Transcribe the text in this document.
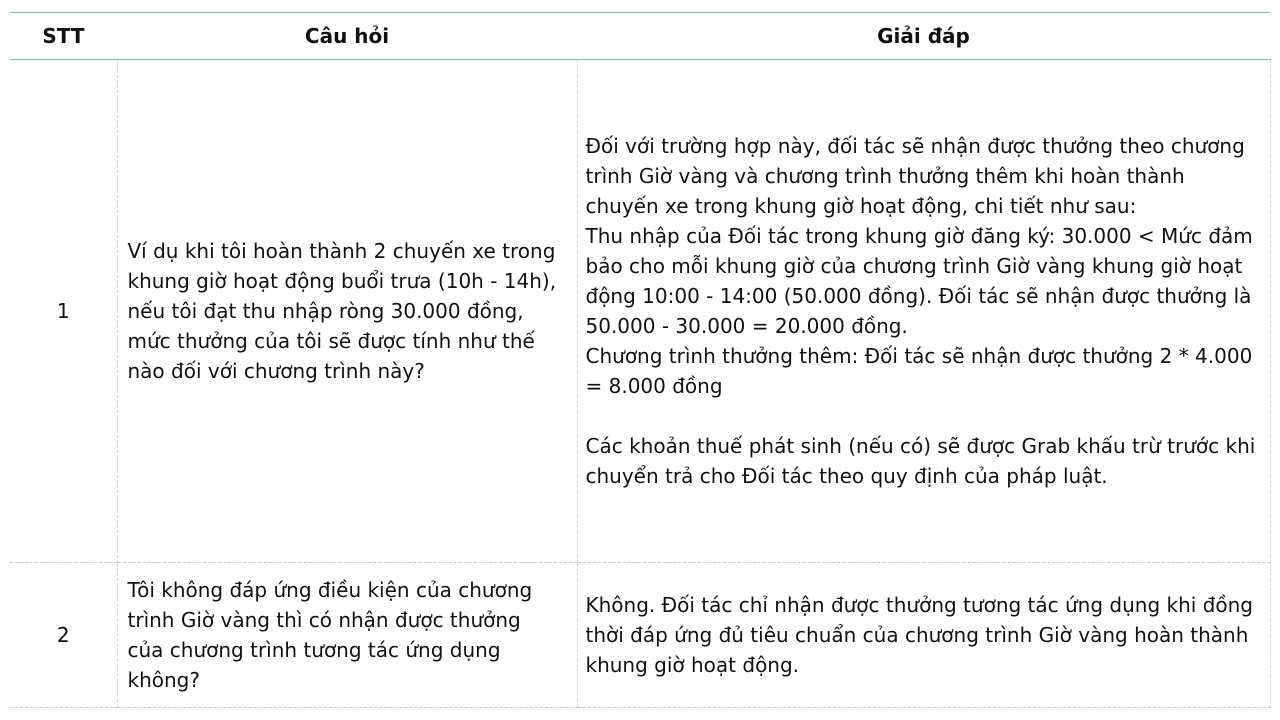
STT	Câu hỏi	Giải đáp
1	Ví dụ khi tôi hoàn thành 2 chuyến xe trong khung giờ hoạt động buổi trưa (10h - 14h), nếu tôi đạt thu nhập ròng 30.000 đồng, mức thưởng của tôi sẽ được tính như thế nào đối với chương trình này?	Đối với trường hợp này, đối tác sẽ nhận được thưởng theo chương trình Giờ vàng và chương trình thưởng thêm khi hoàn thành chuyến xe trong khung giờ hoạt động, chi tiết như sau:
Thu nhập của Đối tác trong khung giờ đăng ký: 30.000 < Mức đảm bảo cho mỗi khung giờ của chương trình Giờ vàng khung giờ hoạt động 10:00 - 14:00 (50.000 đồng). Đối tác sẽ nhận được thưởng là 50.000 - 30.000 = 20.000 đồng.
Chương trình thưởng thêm: Đối tác sẽ nhận được thưởng 2 * 4.000 = 8.000 đồng
Các khoản thuế phát sinh (nếu có) sẽ được Grab khấu trừ trước khi chuyển trả cho Đối tác theo quy định của pháp luật.

2	Tôi không đáp ứng điều kiện của chương trình Giờ vàng thì có nhận được thưởng của chương trình tương tác ứng dụng không?	Không. Đối tác chỉ nhận được thưởng tương tác ứng dụng khi đồng thời đáp ứng đủ tiêu chuẩn của chương trình Giờ vàng hoàn thành khung giờ hoạt động.
